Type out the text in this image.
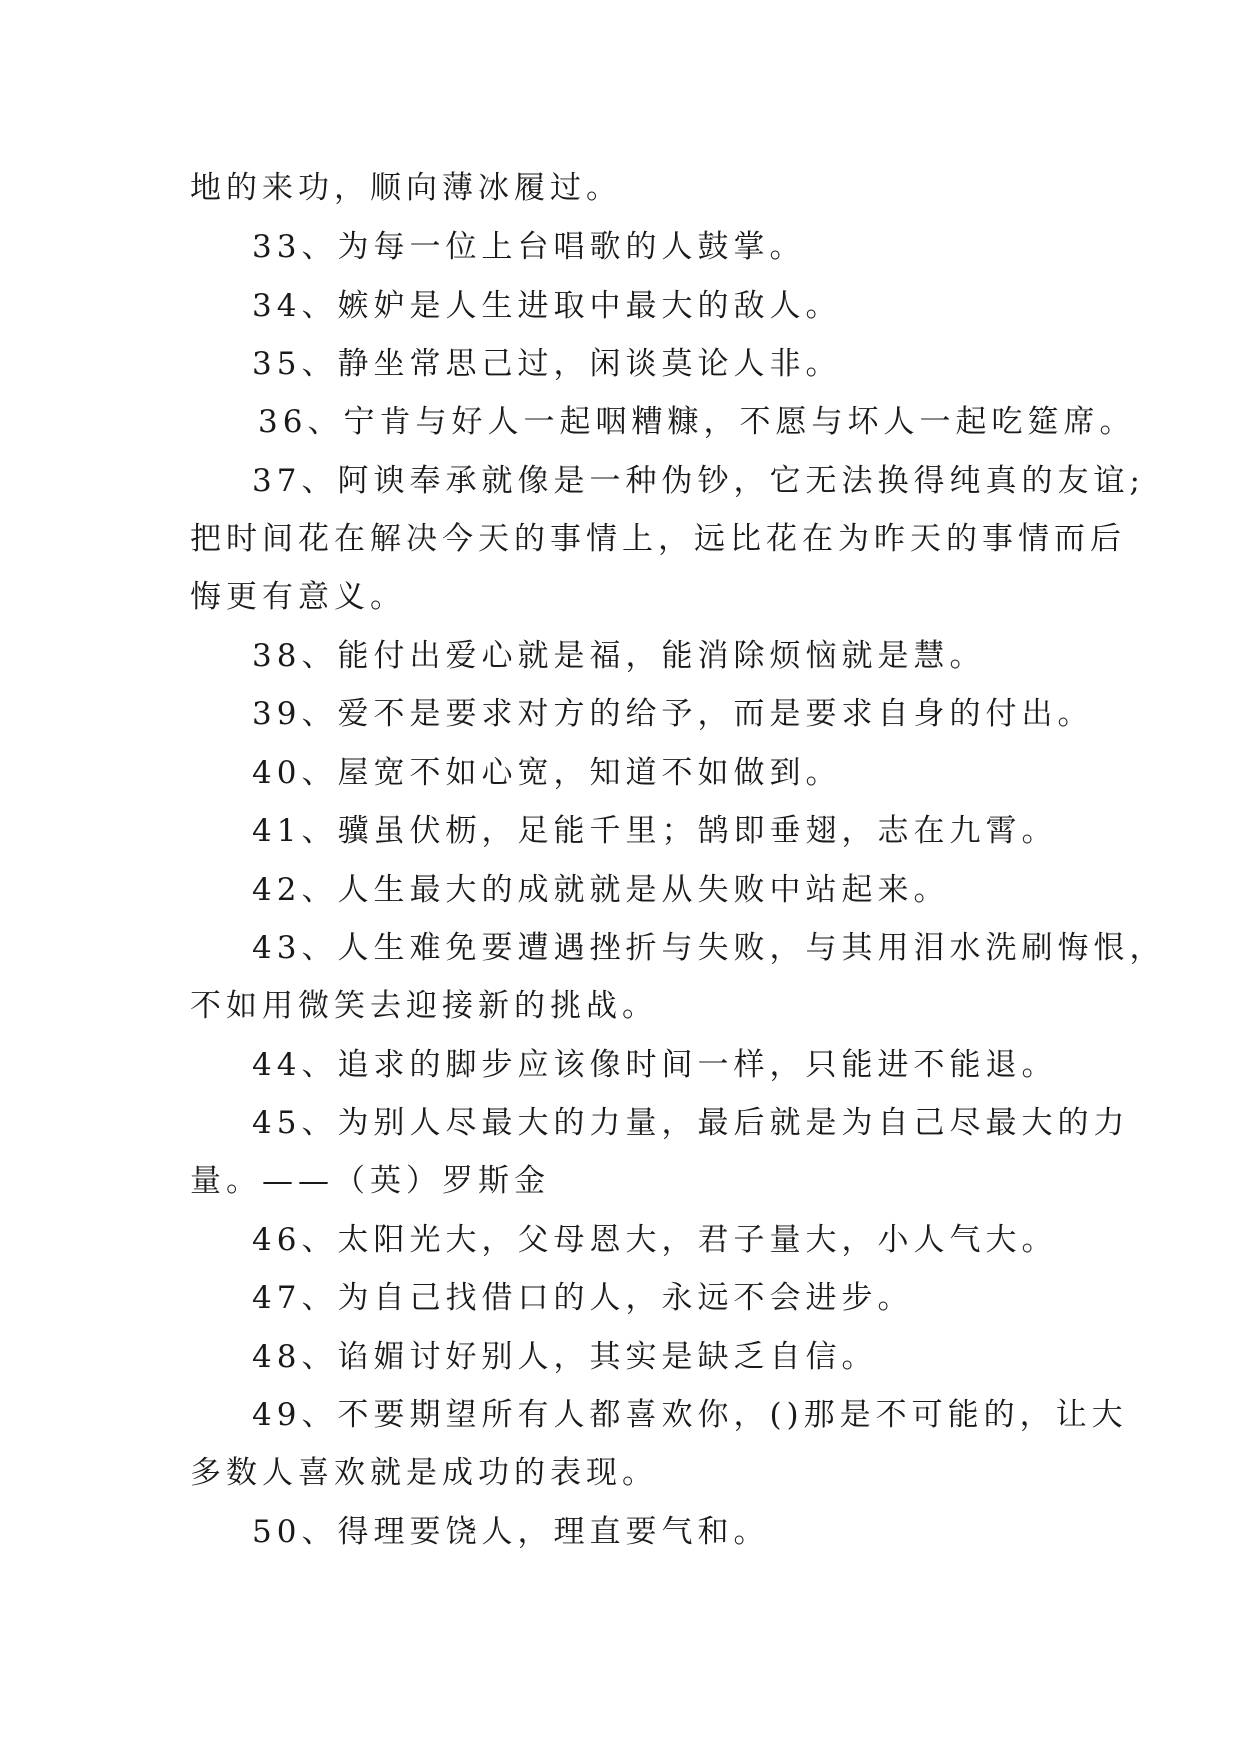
地的来功，顺向薄冰履过。
33、为每一位上台唱歌的人鼓掌。
34、嫉妒是人生进取中最大的敌人。
35、静坐常思己过，闲谈莫论人非。
36、宁肯与好人一起咽糟糠，不愿与坏人一起吃筵席。
37、阿谀奉承就像是一种伪钞，它无法换得纯真的友谊;
把时间花在解决今天的事情上，远比花在为昨天的事情而后
悔更有意义。
38、能付出爱心就是福，能消除烦恼就是慧。
39、爱不是要求对方的给予，而是要求自身的付出。
40、屋宽不如心宽，知道不如做到。
41、骥虽伏枥，足能千里；鹄即垂翅，志在九霄。
42、人生最大的成就就是从失败中站起来。
43、人生难免要遭遇挫折与失败，与其用泪水洗刷悔恨，
不如用微笑去迎接新的挑战。
44、追求的脚步应该像时间一样，只能进不能退。
45、为别人尽最大的力量，最后就是为自己尽最大的力
量。——（英）罗斯金
46、太阳光大，父母恩大，君子量大，小人气大。
47、为自己找借口的人，永远不会进步。
48、谄媚讨好别人，其实是缺乏自信。
49、不要期望所有人都喜欢你，()那是不可能的，让大
多数人喜欢就是成功的表现。
50、得理要饶人，理直要气和。
